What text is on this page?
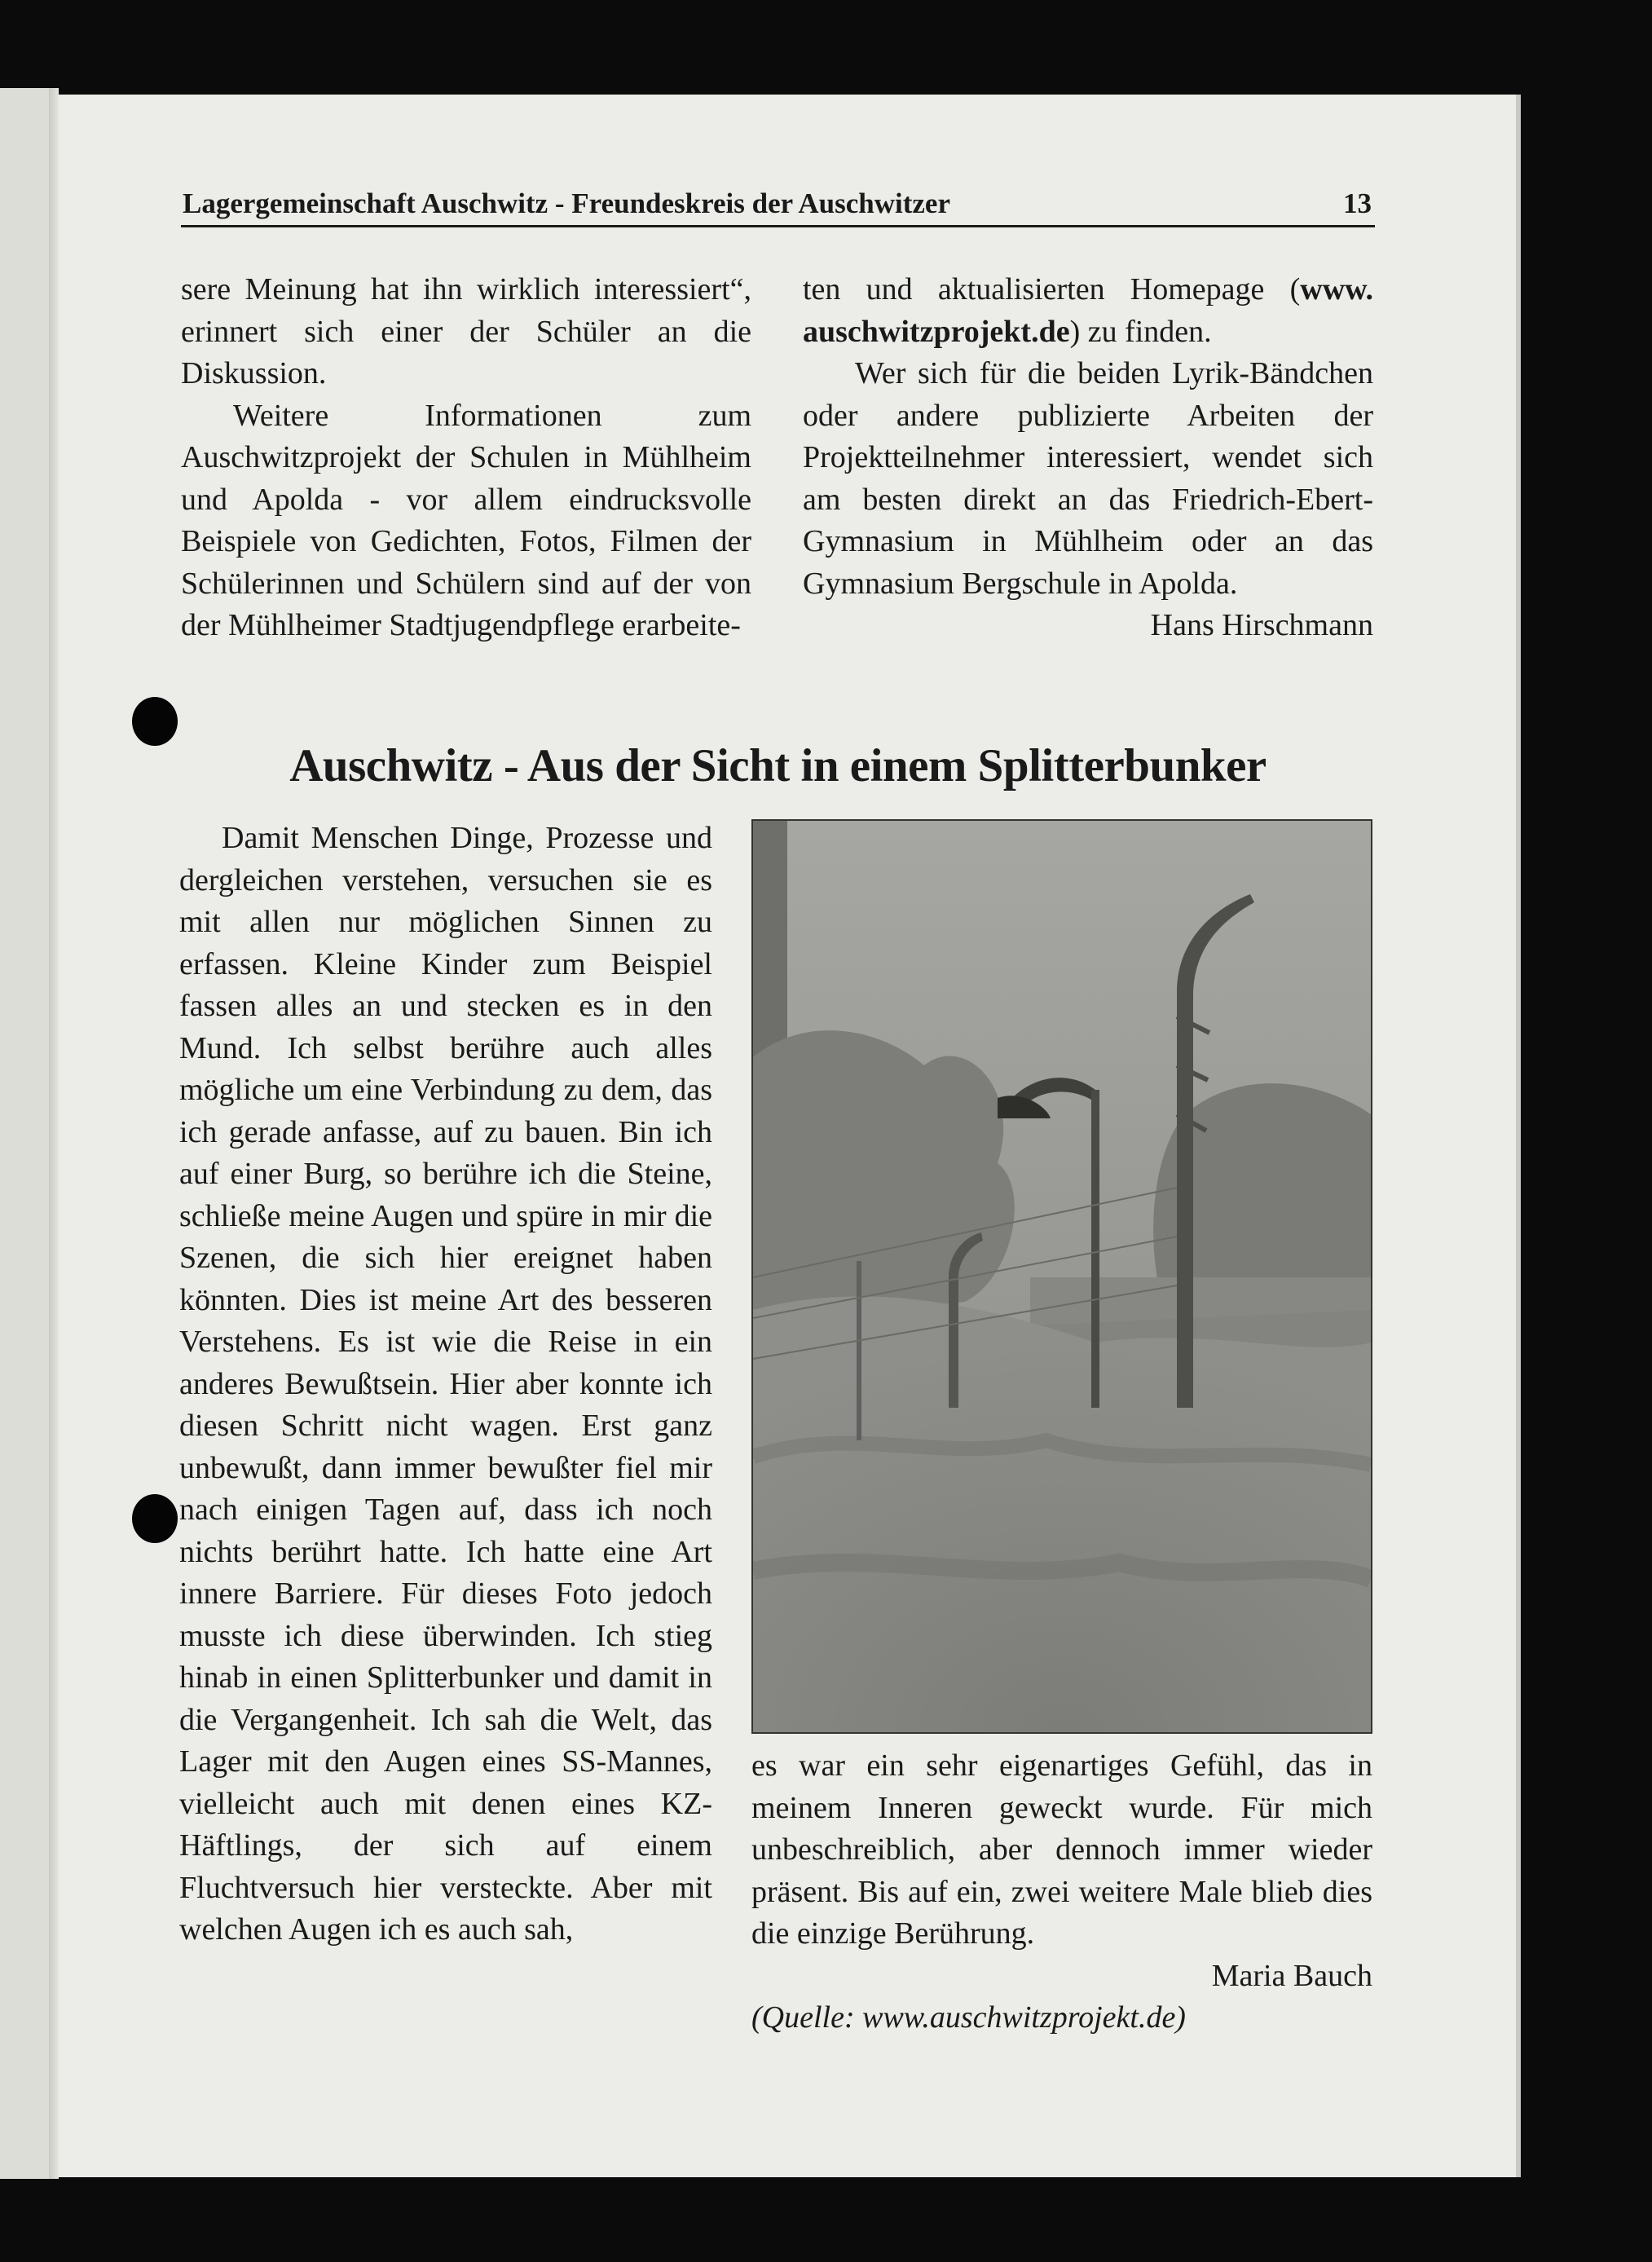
Lagergemeinschaft Auschwitz - Freundeskreis der Auschwitzer	13

sere Meinung hat ihn wirklich interessiert“, erinnert sich einer der Schüler an die Diskussion.

Weitere Informationen zum Auschwitzprojekt der Schulen in Mühlheim und Apolda - vor allem eindrucksvolle Beispiele von Gedichten, Fotos, Filmen der Schülerinnen und Schülern sind auf der von der Mühlheimer Stadtjugendpflege erarbeite-

ten und aktualisierten Homepage (www. auschwitzprojekt.de) zu finden.

Wer sich für die beiden Lyrik-Bändchen oder andere publizierte Arbeiten der Projektteilnehmer interessiert, wendet sich am besten direkt an das Friedrich-Ebert-Gymnasium in Mühlheim oder an das Gymnasium Bergschule in Apolda.

Hans Hirschmann

Auschwitz - Aus der Sicht in einem Splitterbunker

Damit Menschen Dinge, Prozesse und dergleichen verstehen, versuchen sie es mit allen nur möglichen Sinnen zu erfassen. Kleine Kinder zum Beispiel fassen alles an und stecken es in den Mund. Ich selbst berühre auch alles mögliche um eine Verbindung zu dem, das ich gerade anfasse, auf zu bauen. Bin ich auf einer Burg, so berühre ich die Steine, schließe meine Augen und spüre in mir die Szenen, die sich hier ereignet haben könnten. Dies ist meine Art des besseren Verstehens. Es ist wie die Reise in ein anderes Bewußtsein. Hier aber konnte ich diesen Schritt nicht wagen. Erst ganz unbewußt, dann immer bewußter fiel mir nach einigen Tagen auf, dass ich noch nichts berührt hatte. Ich hatte eine Art innere Barriere. Für dieses Foto jedoch musste ich diese überwinden. Ich stieg hinab in einen Splitterbunker und damit in die Vergangenheit. Ich sah die Welt, das Lager mit den Augen eines SS-Mannes, vielleicht auch mit denen eines KZ-Häftlings, der sich auf einem Fluchtversuch hier versteckte. Aber mit welchen Augen ich es auch sah,

es war ein sehr eigenartiges Gefühl, das in meinem Inneren geweckt wurde. Für mich unbeschreiblich, aber dennoch immer wieder präsent. Bis auf ein, zwei weitere Male blieb dies die einzige Berührung.

Maria Bauch

(Quelle: www.auschwitzprojekt.de)
